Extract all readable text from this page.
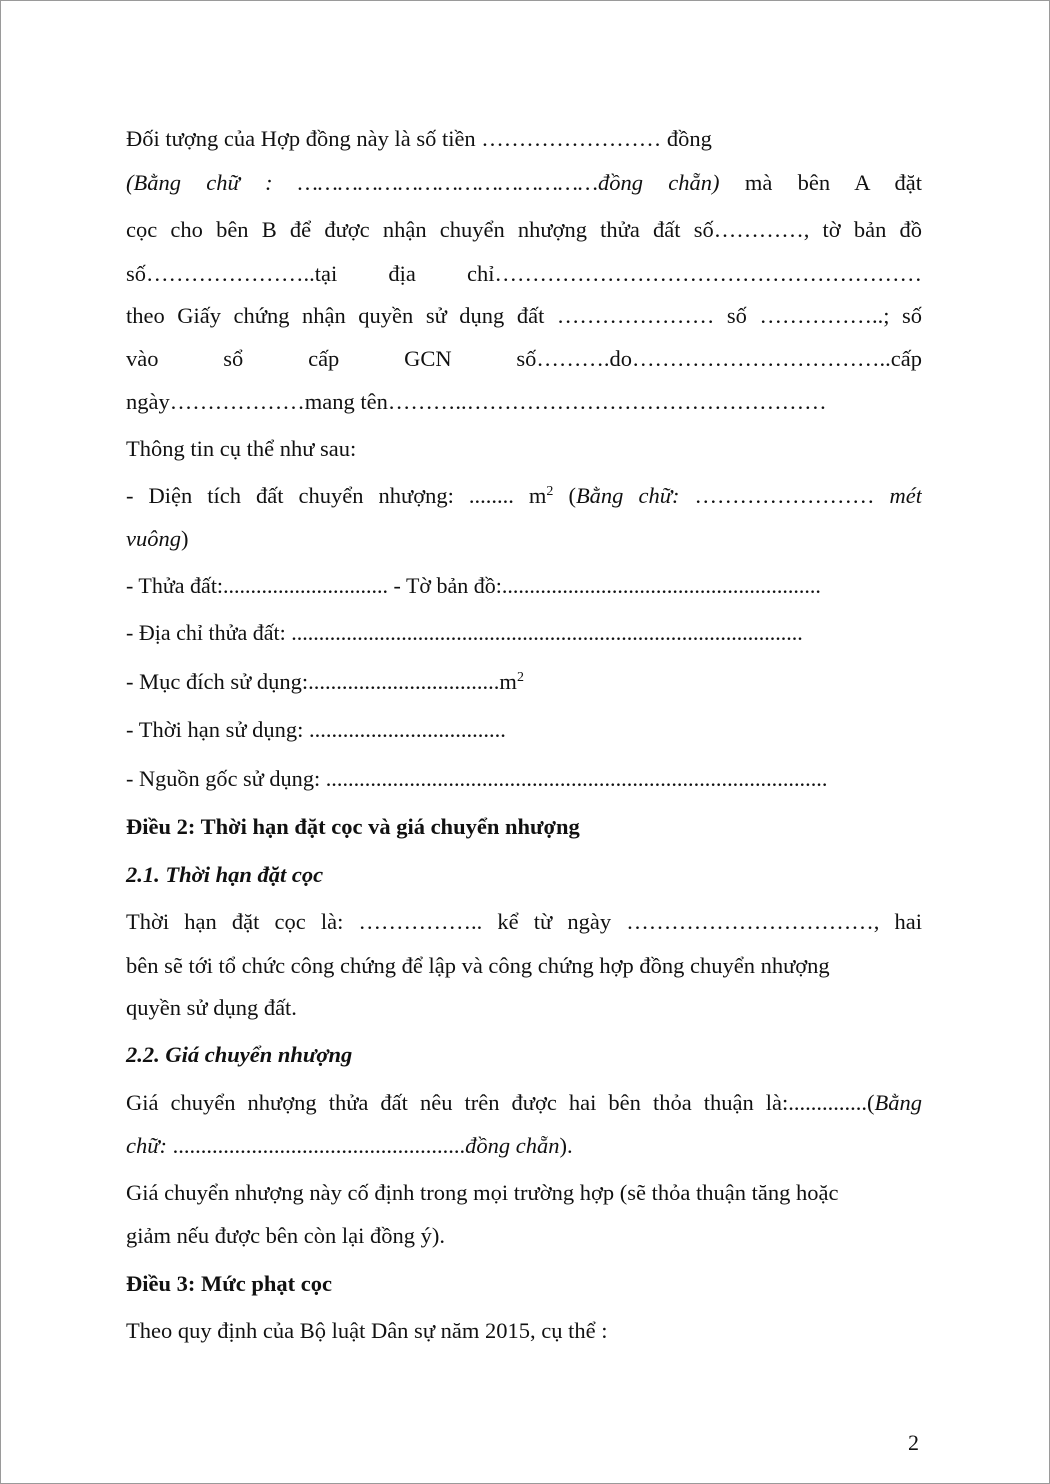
Đối tượng của Hợp đồng này là số tiền …………………… đồng
(Bằng chữ : ………………………………………đồng chẵn) mà bên A đặt
cọc cho bên B để được nhận chuyển nhượng thửa đất số…………, tờ bản đồ
số…………………..tại địa chỉ…………………………………………………
theo Giấy chứng nhận quyền sử dụng đất ………………… số ……………..; số
vào sổ cấp GCN số……….do……………………………..cấp
ngày………………mang tên………..…………………………………………
Thông tin cụ thể như sau:
- Diện tích đất chuyển nhượng: ........ $m^2$ (Bằng chữ: …………………… mét
vuông)
- Thửa đất:.............................. - Tờ bản đồ:..........................................................
- Địa chỉ thửa đất: .............................................................................................
- Mục đích sử $dụng:..................................m^2$
- Thời hạn sử dụng: ...................................
- Nguồn gốc sử dụng: ..........................................................................................
Điều 2: Thời hạn đặt cọc và giá chuyển nhượng
2.1. Thời hạn đặt cọc
Thời hạn đặt cọc là: …………….. kể từ ngày ……………………………, hai
bên sẽ tới tổ chức công chứng để lập và công chứng hợp đồng chuyển nhượng
quyền sử dụng đất.
2.2. Giá chuyển nhượng
Giá chuyển nhượng thửa đất nêu trên được hai bên thỏa thuận là:..............(Bằng
chữ: ....................................................đồng chẵn).
Giá chuyển nhượng này cố định trong mọi trường hợp (sẽ thỏa thuận tăng hoặc
giảm nếu được bên còn lại đồng ý).
Điều 3: Mức phạt cọc
Theo quy định của Bộ luật Dân sự năm 2015, cụ thể :
2
